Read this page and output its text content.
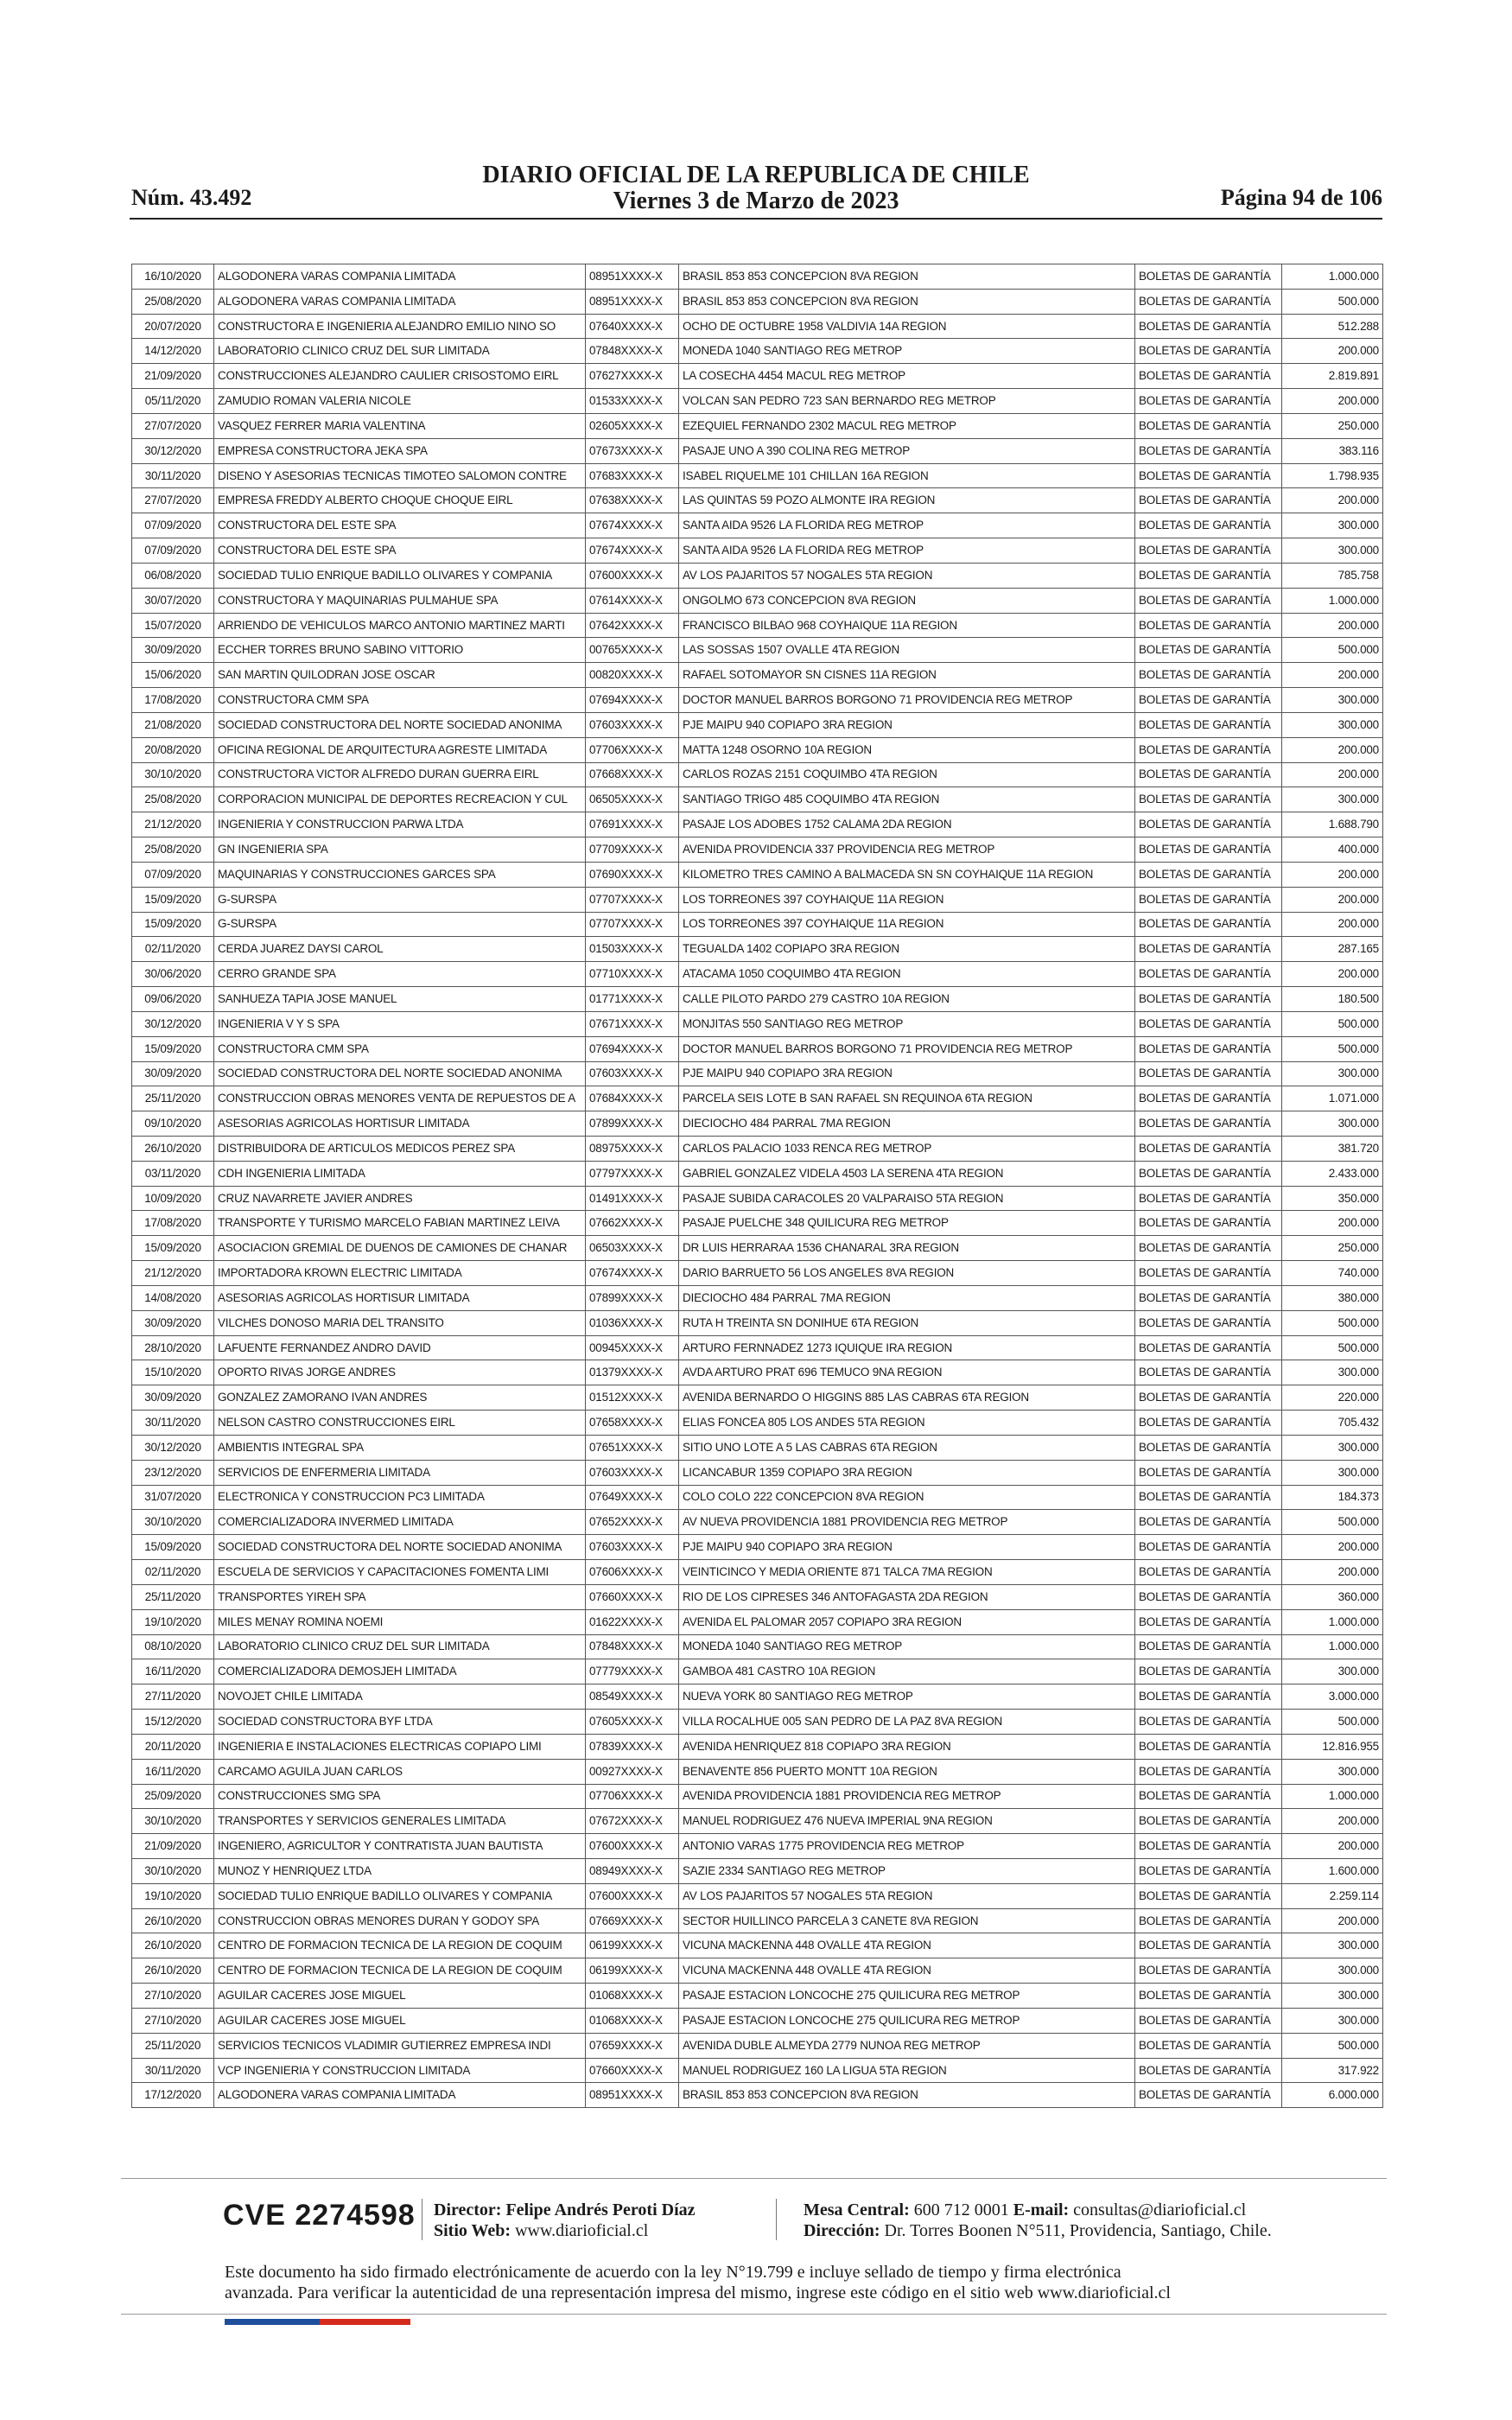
Núm. 43.492
DIARIO OFICIAL DE LA REPUBLICA DE CHILE
Viernes 3 de Marzo de 2023	Página 94 de 106
16/10/2020	ALGODONERA VARAS COMPANIA LIMITADA	08951XXXX-X	BRASIL 853 853 CONCEPCION 8VA REGION	BOLETAS DE GARANTÍA	1.000.000
25/08/2020	ALGODONERA VARAS COMPANIA LIMITADA	08951XXXX-X	BRASIL 853 853 CONCEPCION 8VA REGION	BOLETAS DE GARANTÍA	500.000
20/07/2020	CONSTRUCTORA E INGENIERIA ALEJANDRO EMILIO NINO SO	07640XXXX-X	OCHO DE OCTUBRE 1958 VALDIVIA 14A REGION	BOLETAS DE GARANTÍA	512.288
14/12/2020	LABORATORIO CLINICO CRUZ DEL SUR LIMITADA	07848XXXX-X	MONEDA 1040 SANTIAGO REG METROP	BOLETAS DE GARANTÍA	200.000
21/09/2020	CONSTRUCCIONES ALEJANDRO CAULIER CRISOSTOMO EIRL	07627XXXX-X	LA COSECHA 4454 MACUL REG METROP	BOLETAS DE GARANTÍA	2.819.891
05/11/2020	ZAMUDIO ROMAN VALERIA NICOLE	01533XXXX-X	VOLCAN SAN PEDRO 723 SAN BERNARDO REG METROP	BOLETAS DE GARANTÍA	200.000
27/07/2020	VASQUEZ FERRER MARIA VALENTINA	02605XXXX-X	EZEQUIEL FERNANDO 2302 MACUL REG METROP	BOLETAS DE GARANTÍA	250.000
30/12/2020	EMPRESA CONSTRUCTORA JEKA SPA	07673XXXX-X	PASAJE UNO A 390 COLINA REG METROP	BOLETAS DE GARANTÍA	383.116
30/11/2020	DISENO Y ASESORIAS TECNICAS TIMOTEO SALOMON CONTRE	07683XXXX-X	ISABEL RIQUELME 101 CHILLAN 16A REGION	BOLETAS DE GARANTÍA	1.798.935
27/07/2020	EMPRESA FREDDY ALBERTO CHOQUE CHOQUE EIRL	07638XXXX-X	LAS QUINTAS 59 POZO ALMONTE IRA REGION	BOLETAS DE GARANTÍA	200.000
07/09/2020	CONSTRUCTORA DEL ESTE SPA	07674XXXX-X	SANTA AIDA 9526 LA FLORIDA REG METROP	BOLETAS DE GARANTÍA	300.000
07/09/2020	CONSTRUCTORA DEL ESTE SPA	07674XXXX-X	SANTA AIDA 9526 LA FLORIDA REG METROP	BOLETAS DE GARANTÍA	300.000
06/08/2020	SOCIEDAD TULIO ENRIQUE BADILLO OLIVARES Y COMPANIA	07600XXXX-X	AV LOS PAJARITOS 57 NOGALES 5TA REGION	BOLETAS DE GARANTÍA	785.758
30/07/2020	CONSTRUCTORA Y MAQUINARIAS PULMAHUE SPA	07614XXXX-X	ONGOLMO 673 CONCEPCION 8VA REGION	BOLETAS DE GARANTÍA	1.000.000
15/07/2020	ARRIENDO DE VEHICULOS MARCO ANTONIO MARTINEZ MARTI	07642XXXX-X	FRANCISCO BILBAO 968 COYHAIQUE 11A REGION	BOLETAS DE GARANTÍA	200.000
30/09/2020	ECCHER TORRES BRUNO SABINO VITTORIO	00765XXXX-X	LAS SOSSAS 1507 OVALLE 4TA REGION	BOLETAS DE GARANTÍA	500.000
15/06/2020	SAN MARTIN QUILODRAN JOSE OSCAR	00820XXXX-X	RAFAEL SOTOMAYOR SN CISNES 11A REGION	BOLETAS DE GARANTÍA	200.000
17/08/2020	CONSTRUCTORA CMM SPA	07694XXXX-X	DOCTOR MANUEL BARROS BORGONO 71 PROVIDENCIA REG METROP	BOLETAS DE GARANTÍA	300.000
21/08/2020	SOCIEDAD CONSTRUCTORA DEL NORTE SOCIEDAD ANONIMA	07603XXXX-X	PJE MAIPU 940 COPIAPO 3RA REGION	BOLETAS DE GARANTÍA	300.000
20/08/2020	OFICINA REGIONAL DE ARQUITECTURA AGRESTE LIMITADA	07706XXXX-X	MATTA 1248 OSORNO 10A REGION	BOLETAS DE GARANTÍA	200.000
30/10/2020	CONSTRUCTORA VICTOR ALFREDO DURAN GUERRA EIRL	07668XXXX-X	CARLOS ROZAS 2151 COQUIMBO 4TA REGION	BOLETAS DE GARANTÍA	200.000
25/08/2020	CORPORACION MUNICIPAL DE DEPORTES RECREACION Y CUL	06505XXXX-X	SANTIAGO TRIGO 485 COQUIMBO 4TA REGION	BOLETAS DE GARANTÍA	300.000
21/12/2020	INGENIERIA Y CONSTRUCCION PARWA LTDA	07691XXXX-X	PASAJE LOS ADOBES 1752 CALAMA 2DA REGION	BOLETAS DE GARANTÍA	1.688.790
25/08/2020	GN INGENIERIA SPA	07709XXXX-X	AVENIDA PROVIDENCIA 337 PROVIDENCIA REG METROP	BOLETAS DE GARANTÍA	400.000
07/09/2020	MAQUINARIAS Y CONSTRUCCIONES GARCES SPA	07690XXXX-X	KILOMETRO TRES CAMINO A BALMACEDA SN SN COYHAIQUE 11A REGION	BOLETAS DE GARANTÍA	200.000
15/09/2020	G-SURSPA	07707XXXX-X	LOS TORREONES 397 COYHAIQUE 11A REGION	BOLETAS DE GARANTÍA	200.000
15/09/2020	G-SURSPA	07707XXXX-X	LOS TORREONES 397 COYHAIQUE 11A REGION	BOLETAS DE GARANTÍA	200.000
02/11/2020	CERDA JUAREZ DAYSI CAROL	01503XXXX-X	TEGUALDA 1402 COPIAPO 3RA REGION	BOLETAS DE GARANTÍA	287.165
30/06/2020	CERRO GRANDE SPA	07710XXXX-X	ATACAMA 1050 COQUIMBO 4TA REGION	BOLETAS DE GARANTÍA	200.000
09/06/2020	SANHUEZA TAPIA JOSE MANUEL	01771XXXX-X	CALLE PILOTO PARDO 279 CASTRO 10A REGION	BOLETAS DE GARANTÍA	180.500
30/12/2020	INGENIERIA V Y S SPA	07671XXXX-X	MONJITAS 550 SANTIAGO REG METROP	BOLETAS DE GARANTÍA	500.000
15/09/2020	CONSTRUCTORA CMM SPA	07694XXXX-X	DOCTOR MANUEL BARROS BORGONO 71 PROVIDENCIA REG METROP	BOLETAS DE GARANTÍA	500.000
30/09/2020	SOCIEDAD CONSTRUCTORA DEL NORTE SOCIEDAD ANONIMA	07603XXXX-X	PJE MAIPU 940 COPIAPO 3RA REGION	BOLETAS DE GARANTÍA	300.000
25/11/2020	CONSTRUCCION OBRAS MENORES VENTA DE REPUESTOS DE A	07684XXXX-X	PARCELA SEIS LOTE B SAN RAFAEL SN REQUINOA 6TA REGION	BOLETAS DE GARANTÍA	1.071.000
09/10/2020	ASESORIAS AGRICOLAS HORTISUR LIMITADA	07899XXXX-X	DIECIOCHO 484 PARRAL 7MA REGION	BOLETAS DE GARANTÍA	300.000
26/10/2020	DISTRIBUIDORA DE ARTICULOS MEDICOS PEREZ SPA	08975XXXX-X	CARLOS PALACIO 1033 RENCA REG METROP	BOLETAS DE GARANTÍA	381.720
03/11/2020	CDH INGENIERIA LIMITADA	07797XXXX-X	GABRIEL GONZALEZ VIDELA 4503 LA SERENA 4TA REGION	BOLETAS DE GARANTÍA	2.433.000
10/09/2020	CRUZ NAVARRETE JAVIER ANDRES	01491XXXX-X	PASAJE SUBIDA CARACOLES 20 VALPARAISO 5TA REGION	BOLETAS DE GARANTÍA	350.000
17/08/2020	TRANSPORTE Y TURISMO MARCELO FABIAN MARTINEZ LEIVA	07662XXXX-X	PASAJE PUELCHE 348 QUILICURA REG METROP	BOLETAS DE GARANTÍA	200.000
15/09/2020	ASOCIACION GREMIAL DE DUENOS DE CAMIONES DE CHANAR	06503XXXX-X	DR LUIS HERRARAA 1536 CHANARAL 3RA REGION	BOLETAS DE GARANTÍA	250.000
21/12/2020	IMPORTADORA KROWN ELECTRIC LIMITADA	07674XXXX-X	DARIO BARRUETO 56 LOS ANGELES 8VA REGION	BOLETAS DE GARANTÍA	740.000
14/08/2020	ASESORIAS AGRICOLAS HORTISUR LIMITADA	07899XXXX-X	DIECIOCHO 484 PARRAL 7MA REGION	BOLETAS DE GARANTÍA	380.000
30/09/2020	VILCHES DONOSO MARIA DEL TRANSITO	01036XXXX-X	RUTA H TREINTA SN DONIHUE 6TA REGION	BOLETAS DE GARANTÍA	500.000
28/10/2020	LAFUENTE FERNANDEZ ANDRO DAVID	00945XXXX-X	ARTURO FERNNADEZ 1273 IQUIQUE IRA REGION	BOLETAS DE GARANTÍA	500.000
15/10/2020	OPORTO RIVAS JORGE ANDRES	01379XXXX-X	AVDA ARTURO PRAT 696 TEMUCO 9NA REGION	BOLETAS DE GARANTÍA	300.000
30/09/2020	GONZALEZ ZAMORANO IVAN ANDRES	01512XXXX-X	AVENIDA BERNARDO O HIGGINS 885 LAS CABRAS 6TA REGION	BOLETAS DE GARANTÍA	220.000
30/11/2020	NELSON CASTRO CONSTRUCCIONES EIRL	07658XXXX-X	ELIAS FONCEA 805 LOS ANDES 5TA REGION	BOLETAS DE GARANTÍA	705.432
30/12/2020	AMBIENTIS INTEGRAL SPA	07651XXXX-X	SITIO UNO LOTE A 5 LAS CABRAS 6TA REGION	BOLETAS DE GARANTÍA	300.000
23/12/2020	SERVICIOS DE ENFERMERIA LIMITADA	07603XXXX-X	LICANCABUR 1359 COPIAPO 3RA REGION	BOLETAS DE GARANTÍA	300.000
31/07/2020	ELECTRONICA Y CONSTRUCCION PC3 LIMITADA	07649XXXX-X	COLO COLO 222 CONCEPCION 8VA REGION	BOLETAS DE GARANTÍA	184.373
30/10/2020	COMERCIALIZADORA INVERMED LIMITADA	07652XXXX-X	AV NUEVA PROVIDENCIA 1881 PROVIDENCIA REG METROP	BOLETAS DE GARANTÍA	500.000
15/09/2020	SOCIEDAD CONSTRUCTORA DEL NORTE SOCIEDAD ANONIMA	07603XXXX-X	PJE MAIPU 940 COPIAPO 3RA REGION	BOLETAS DE GARANTÍA	200.000
02/11/2020	ESCUELA DE SERVICIOS Y CAPACITACIONES FOMENTA LIMI	07606XXXX-X	VEINTICINCO Y MEDIA ORIENTE 871 TALCA 7MA REGION	BOLETAS DE GARANTÍA	200.000
25/11/2020	TRANSPORTES YIREH SPA	07660XXXX-X	RIO DE LOS CIPRESES 346 ANTOFAGASTA 2DA REGION	BOLETAS DE GARANTÍA	360.000
19/10/2020	MILES MENAY ROMINA NOEMI	01622XXXX-X	AVENIDA EL PALOMAR 2057 COPIAPO 3RA REGION	BOLETAS DE GARANTÍA	1.000.000
08/10/2020	LABORATORIO CLINICO CRUZ DEL SUR LIMITADA	07848XXXX-X	MONEDA 1040 SANTIAGO REG METROP	BOLETAS DE GARANTÍA	1.000.000
16/11/2020	COMERCIALIZADORA DEMOSJEH LIMITADA	07779XXXX-X	GAMBOA 481 CASTRO 10A REGION	BOLETAS DE GARANTÍA	300.000
27/11/2020	NOVOJET CHILE LIMITADA	08549XXXX-X	NUEVA YORK 80 SANTIAGO REG METROP	BOLETAS DE GARANTÍA	3.000.000
15/12/2020	SOCIEDAD CONSTRUCTORA BYF LTDA	07605XXXX-X	VILLA ROCALHUE 005 SAN PEDRO DE LA PAZ 8VA REGION	BOLETAS DE GARANTÍA	500.000
20/11/2020	INGENIERIA E INSTALACIONES ELECTRICAS COPIAPO LIMI	07839XXXX-X	AVENIDA HENRIQUEZ 818 COPIAPO 3RA REGION	BOLETAS DE GARANTÍA	12.816.955
16/11/2020	CARCAMO AGUILA JUAN CARLOS	00927XXXX-X	BENAVENTE 856 PUERTO MONTT 10A REGION	BOLETAS DE GARANTÍA	300.000
25/09/2020	CONSTRUCCIONES SMG SPA	07706XXXX-X	AVENIDA PROVIDENCIA 1881 PROVIDENCIA REG METROP	BOLETAS DE GARANTÍA	1.000.000
30/10/2020	TRANSPORTES Y SERVICIOS GENERALES LIMITADA	07672XXXX-X	MANUEL RODRIGUEZ 476 NUEVA IMPERIAL 9NA REGION	BOLETAS DE GARANTÍA	200.000
21/09/2020	INGENIERO, AGRICULTOR Y CONTRATISTA JUAN BAUTISTA	07600XXXX-X	ANTONIO VARAS 1775 PROVIDENCIA REG METROP	BOLETAS DE GARANTÍA	200.000
30/10/2020	MUNOZ Y HENRIQUEZ LTDA	08949XXXX-X	SAZIE 2334 SANTIAGO REG METROP	BOLETAS DE GARANTÍA	1.600.000
19/10/2020	SOCIEDAD TULIO ENRIQUE BADILLO OLIVARES Y COMPANIA	07600XXXX-X	AV LOS PAJARITOS 57 NOGALES 5TA REGION	BOLETAS DE GARANTÍA	2.259.114
26/10/2020	CONSTRUCCION OBRAS MENORES DURAN Y GODOY SPA	07669XXXX-X	SECTOR HUILLINCO PARCELA 3 CANETE 8VA REGION	BOLETAS DE GARANTÍA	200.000
26/10/2020	CENTRO DE FORMACION TECNICA DE LA REGION DE COQUIM	06199XXXX-X	VICUNA MACKENNA 448 OVALLE 4TA REGION	BOLETAS DE GARANTÍA	300.000
26/10/2020	CENTRO DE FORMACION TECNICA DE LA REGION DE COQUIM	06199XXXX-X	VICUNA MACKENNA 448 OVALLE 4TA REGION	BOLETAS DE GARANTÍA	300.000
27/10/2020	AGUILAR CACERES JOSE MIGUEL	01068XXXX-X	PASAJE ESTACION LONCOCHE 275 QUILICURA REG METROP	BOLETAS DE GARANTÍA	300.000
27/10/2020	AGUILAR CACERES JOSE MIGUEL	01068XXXX-X	PASAJE ESTACION LONCOCHE 275 QUILICURA REG METROP	BOLETAS DE GARANTÍA	300.000
25/11/2020	SERVICIOS TECNICOS VLADIMIR GUTIERREZ EMPRESA INDI	07659XXXX-X	AVENIDA DUBLE ALMEYDA 2779 NUNOA REG METROP	BOLETAS DE GARANTÍA	500.000
30/11/2020	VCP INGENIERIA Y CONSTRUCCION LIMITADA	07660XXXX-X	MANUEL RODRIGUEZ 160 LA LIGUA 5TA REGION	BOLETAS DE GARANTÍA	317.922
17/12/2020	ALGODONERA VARAS COMPANIA LIMITADA	08951XXXX-X	BRASIL 853 853 CONCEPCION 8VA REGION	BOLETAS DE GARANTÍA	6.000.000
CVE 2274598 Director: Felipe Andrés Peroti Díaz
Sitio Web: www.diarioficial.cl
Mesa Central: 600 712 0001 E-mail: consultas@diarioficial.cl
Dirección: Dr. Torres Boonen N°511, Providencia, Santiago, Chile.
Este documento ha sido firmado electrónicamente de acuerdo con la ley N°19.799 e incluye sellado de tiempo y firma electrónica
avanzada. Para verificar la autenticidad de una representación impresa del mismo, ingrese este código en el sitio web www.diarioficial.cl
